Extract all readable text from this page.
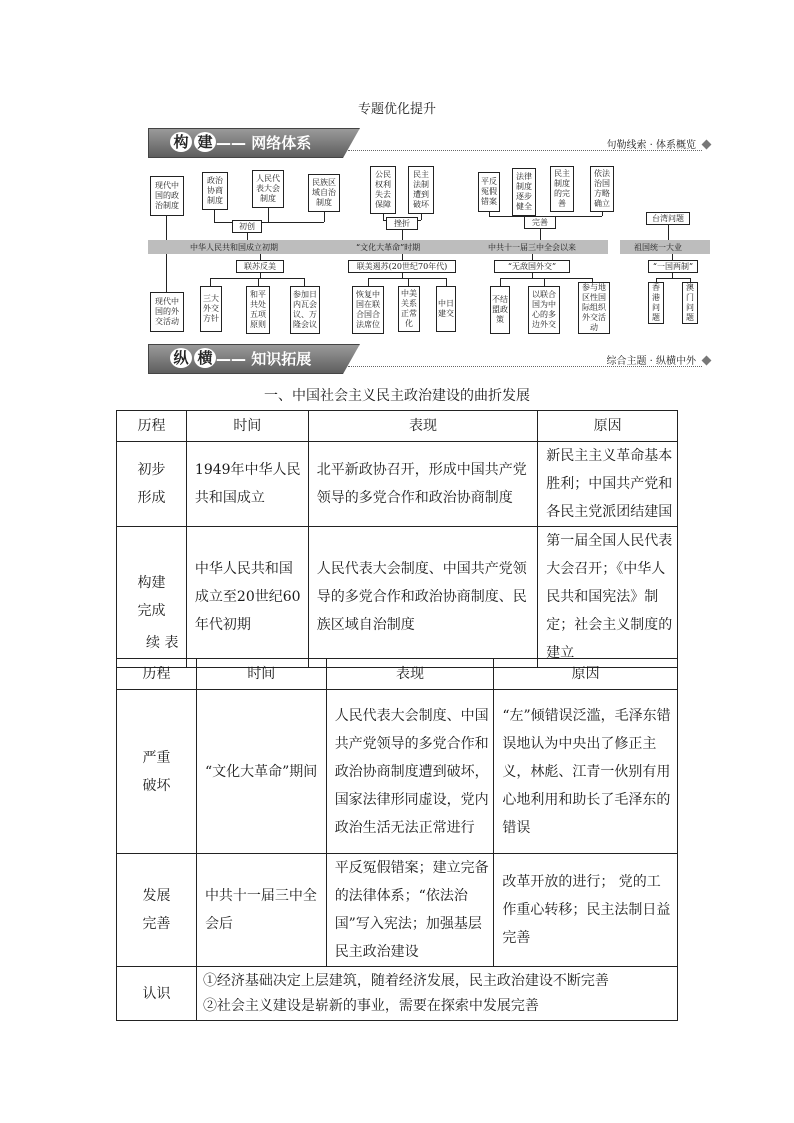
专题优化提升
构 建 —— 网络体系	句勒线索 · 体系概览
现代中国的政治制度
政治协商制度
人民代表大会制度
民族区域自治制度
公民权利失去保障
民主法制遭到破坏
平反冤假错案
法律制度逐步健全
民主制度的完善
依法治国方略确立
初创	挫折	完善	台湾问题
中华人民共和国成立初期	“文化大革命”时期	中共十一届三中全会以来	祖国统一大业
联苏反美	联美遏苏(20世纪70年代)	“无敌国外交”	“一国两制”
现代中国的外交活动
三大外交方针
和平共处五项原则
参加日内瓦会议、万隆会议
恢复中国在联合国合法席位
中美关系正常化
中日建交
不结盟政策
以联合国为中心的多边外交
参与地区性国际组织外交活动
香港问题
澳门问题
纵 横 —— 知识拓展	综合主题 · 纵横中外
一、中国社会主义民主政治建设的曲折发展
历程	时间	表现	原因
初步形成	1949年中华人民共和国成立	北平新政协召开，形成中国共产党领导的多党合作和政治协商制度	新民主主义革命基本胜利；中国共产党和各民主党派团结建国
构建完成	中华人民共和国成立至20世纪60年代初期	人民代表大会制度、中国共产党领导的多党合作和政治协商制度、民族区域自治制度	第一届全国人民代表大会召开；《中华人民共和国宪法》制定；社会主义制度的建立
续 表
历程	时间	表现	原因
严重破坏	“文化大革命”期间	人民代表大会制度、中国共产党领导的多党合作和政治协商制度遭到破坏，国家法律形同虚设，党内政治生活无法正常进行	“左”倾错误泛滥，毛泽东错误地认为中央出了修正主义，林彪、江青一伙别有用心地利用和助长了毛泽东的错误
发展完善	中共十一届三中全会后	平反冤假错案；建立完备的法律体系；“依法治国”写入宪法；加强基层民主政治建设	改革开放的进行； 党的工作重心转移；民主法制日益完善
认识	①经济基础决定上层建筑，随着经济发展，民主政治建设不断完善
②社会主义建设是崭新的事业，需要在探索中发展完善		
